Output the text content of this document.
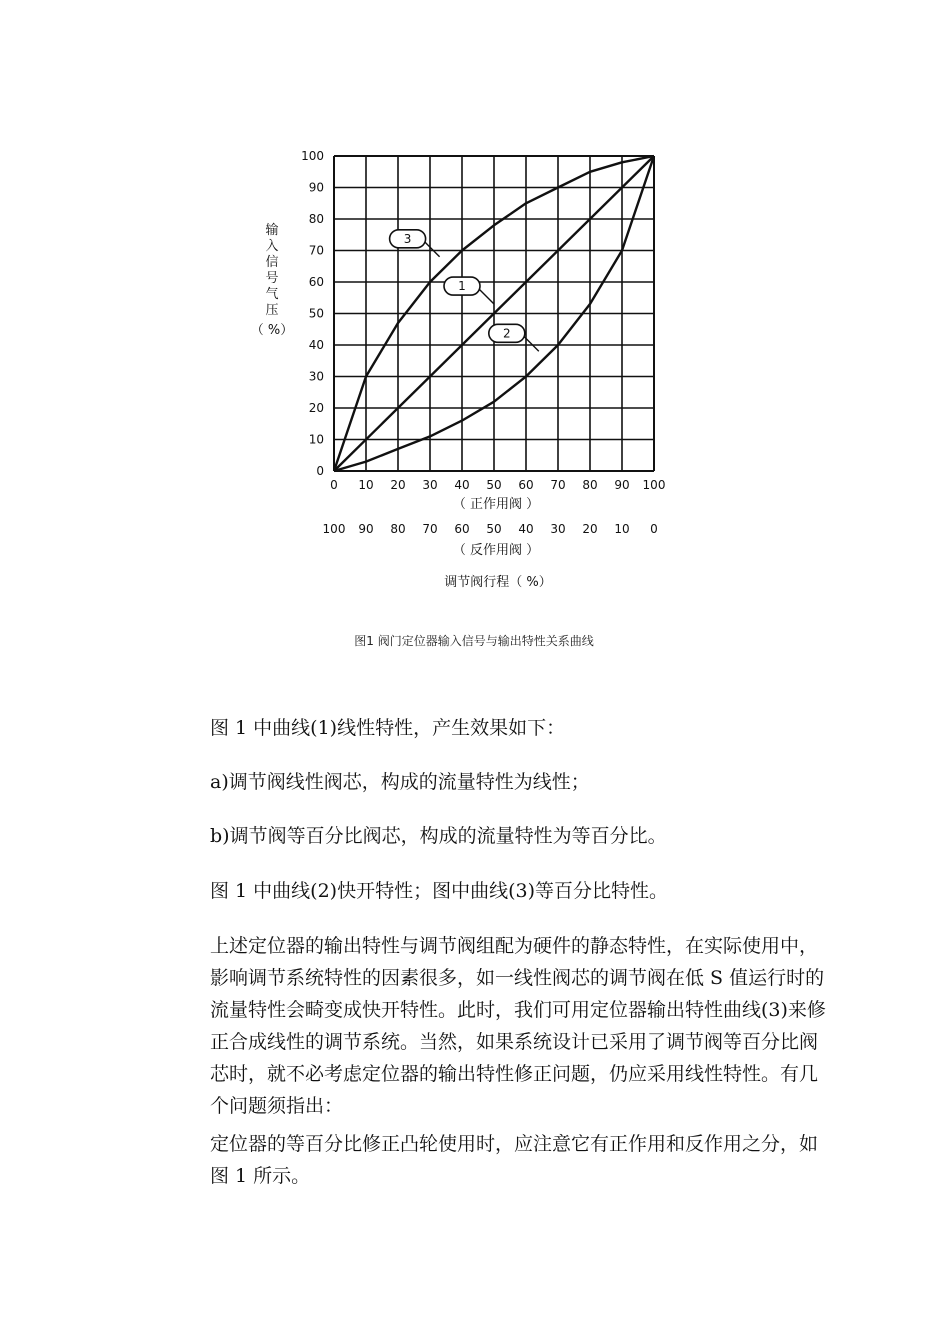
3
1
2
0
10
20
30
40
50
60
70
80
90
100
0 10 20 30 40 50 60 70 80 90 100
100 90 80 70 60 50 40 30 20 10 0
输
入
信
号
气
压
（ %）
（ 正作用阀 ）
（ 反作用阀 ）
调节阀行程（ %）
图1 阀门定位器输入信号与输出特性关系曲线

图 1 中曲线(1)线性特性，产生效果如下：

a)调节阀线性阀芯，构成的流量特性为线性；

b)调节阀等百分比阀芯，构成的流量特性为等百分比。

图 1 中曲线(2)快开特性；图中曲线(3)等百分比特性。

上述定位器的输出特性与调节阀组配为硬件的静态特性，在实际使用中，影响调节系统特性的因素很多，如一线性阀芯的调节阀在低 S 值运行时的流量特性会畸变成快开特性。此时，我们可用定位器输出特性曲线(3)来修正合成线性的调节系统。当然，如果系统设计已采用了调节阀等百分比阀芯时，就不必考虑定位器的输出特性修正问题，仍应采用线性特性。有几个问题须指出：
定位器的等百分比修正凸轮使用时，应注意它有正作用和反作用之分，如图 1 所示。
